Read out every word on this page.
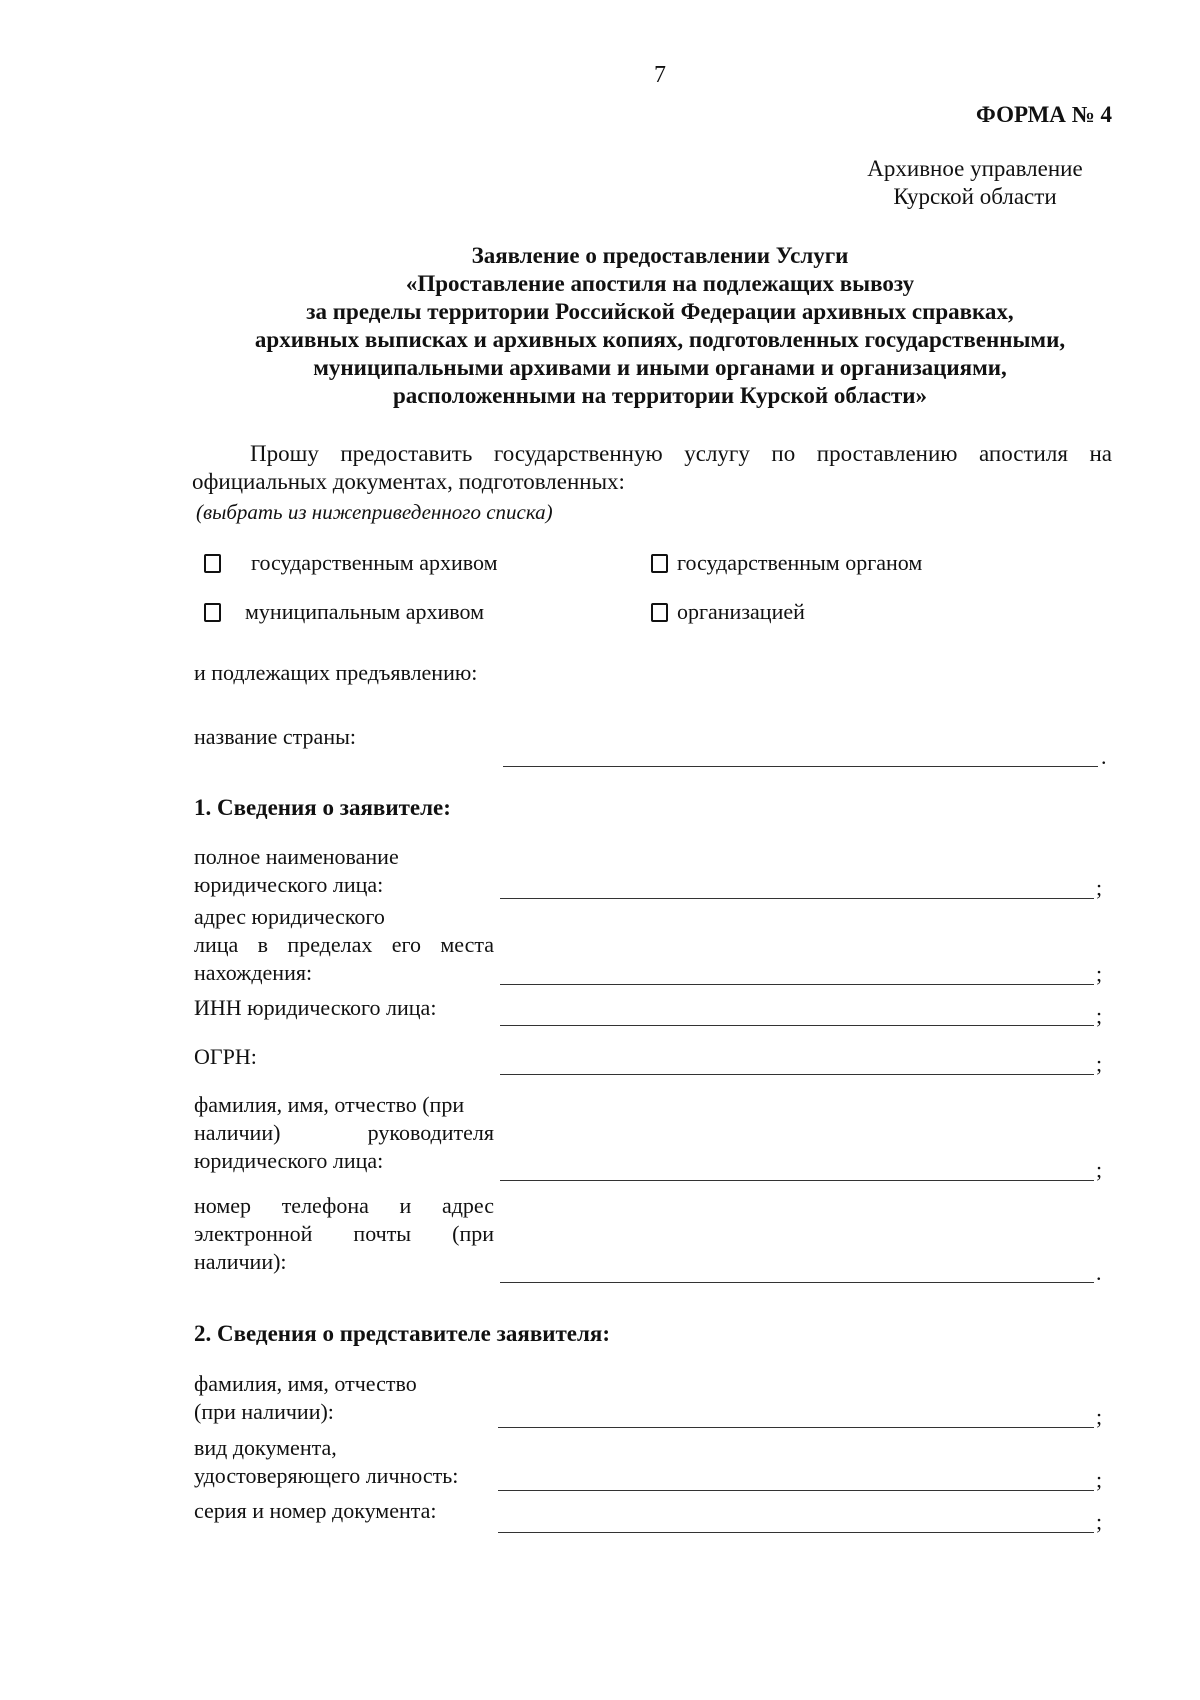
7
ФОРМА № 4
Архивное управление
Курской области
Заявление о предоставлении Услуги
«Проставление апостиля на подлежащих вывозу
за пределы территории Российской Федерации архивных справках,
архивных выписках и архивных копиях, подготовленных государственными,
муниципальными архивами и иными органами и организациями,
расположенными на территории Курской области»
Прошу предоставить государственную услугу по проставлению апостиля на официальных документах, подготовленных:
(выбрать из нижеприведенного списка)
государственным архивом	государственным органом
муниципальным архивом	организацией
и подлежащих предъявлению:
название страны:
.
1. Сведения о заявителе:
полное наименование
юридического лица:	;
адрес юридического
лица в пределах его места
нахождения:	;
ИНН юридического лица:	;
ОГРН:	;
фамилия, имя, отчество (при
наличии) руководителя
юридического лица:	;
номер телефона и адрес
электронной почты (при
наличии):	.
2. Сведения о представителе заявителя:
фамилия, имя, отчество
(при наличии):	;
вид документа,
удостоверяющего личность:	;
серия и номер документа:	;
